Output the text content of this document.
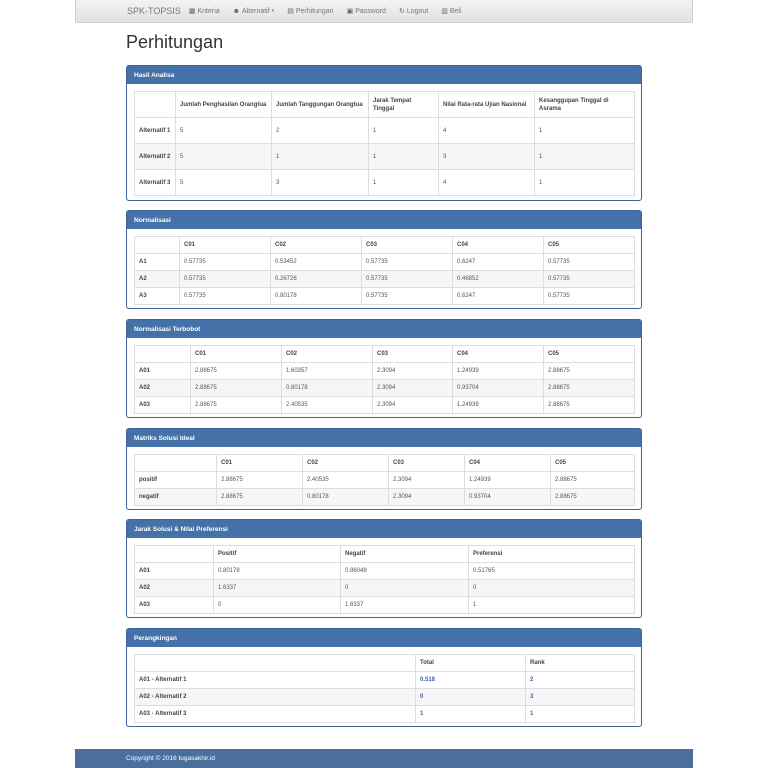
SPK-TOPSIS ▦ Kriteria ☻ Alternatif ▾ ▤ Perhitungan ▣ Password ↻ Logout ▥ Beli
Perhitungan
Hasil Analisa
	Jumlah Penghasilan Orangtua	Jumlah Tanggungan Orangtua	Jarak Tempat Tinggal	Nilai Rata-rata Ujian Nasional	Kesanggupan Tinggal di Asrama
Alternatif 1	5	2	1	4	1
Alternatif 2	5	1	1	3	1
Alternatif 3	5	3	1	4	1
Normalisasi
	C01	C02	C03	C04	C05
A1	0.57735	0.53452	0.57735	0.6247	0.57735
A2	0.57735	0.26726	0.57735	0.46852	0.57735
A3	0.57735	0.80178	0.57735	0.6247	0.57735
Normalisasi Terbobot
	C01	C02	C03	C04	C05
A01	2.88675	1.60357	2.3094	1.24939	2.88675
A02	2.88675	0.80178	2.3094	0.93704	2.88675
A03	2.88675	2.40535	2.3094	1.24939	2.88675
Matriks Solusi Ideal
	C01	C02	C03	C04	C05
positif	2.88675	2.40535	2.3094	1.24939	2.88675
negatif	2.88675	0.80178	2.3094	0.93704	2.88675
Jarak Solusi & Nilai Preferensi
	Positif	Negatif	Preferensi
A01	0.80178	0.86048	0.51765
A02	1.6337	0	0
A03	0	1.6337	1
Perangkingan
	Total	Rank
A01 - Alternatif 1	0.518	2
A02 - Alternatif 2	0	3
A03 - Alternatif 3	1	1
Copyright © 2016 tugasakhir.id
